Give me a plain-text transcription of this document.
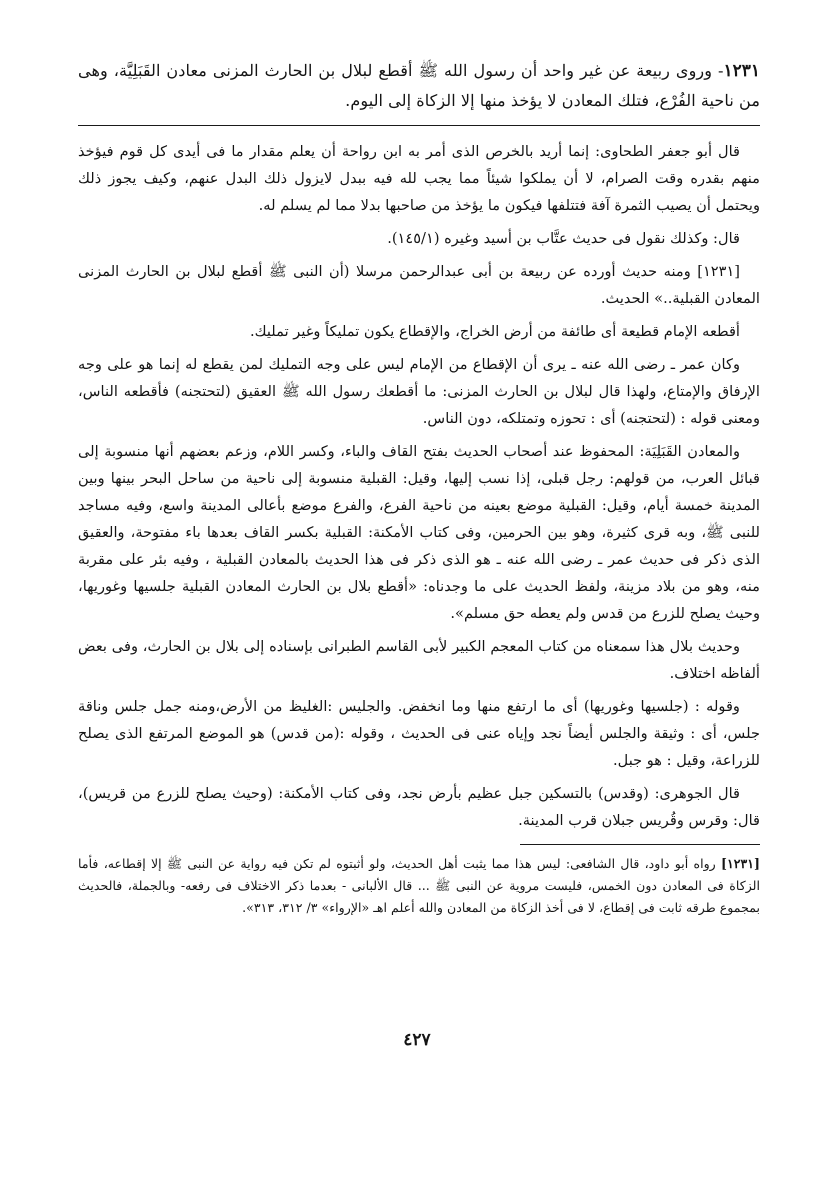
١٢٣١- وروى ربيعة عن غير واحد أن رسول الله ﷺ أقطع لبلال بن الحارث المزنى معادن القَبَلِيَّة، وهى من ناحية الفُرْع، فتلك المعادن لا يؤخذ منها إلا الزكاة إلى اليوم.

قال أبو جعفر الطحاوى: إنما أريد بالخرص الذى أمر به ابن رواحة أن يعلم مقدار ما فى أيدى كل قوم فيؤخذ منهم بقدره وقت الصرام، لا أن يملكوا شيئاً مما يجب لله فيه ببدل لايزول ذلك البدل عنهم، وكيف يجوز ذلك ويحتمل أن يصيب الثمرة آفة فتتلفها فيكون ما يؤخذ من صاحبها بدلا مما لم يسلم له.

قال: وكذلك نقول فى حديث عتَّاب بن أسيد وغيره (١٤٥/١).

[١٢٣١] ومنه حديث أورده عن ربيعة بن أبى عبدالرحمن مرسلا (أن النبى ﷺ أقطع لبلال بن الحارث المزنى المعادن القبلية..» الحديث.

أقطعه الإمام قطيعة أى طائفة من أرض الخراج، والإقطاع يكون تمليكاً وغير تمليك.

وكان عمر ـ رضى الله عنه ـ يرى أن الإقطاع من الإمام ليس على وجه التمليك لمن يقطع له إنما هو على وجه الإرفاق والإمتاع، ولهذا قال لبلال بن الحارث المزنى: ما أقطعك رسول الله ﷺ العقيق (لتحتجنه) فأقطعه الناس، ومعنى قوله : (لتحتجنه) أى : تحوزه وتمتلكه، دون الناس.

والمعادن القَبَلِيَة: المحفوظ عند أصحاب الحديث بفتح القاف والباء، وكسر اللام، وزعم بعضهم أنها منسوبة إلى قبائل العرب، من قولهم: رجل قبلى، إذا نسب إليها، وقيل: القبلية منسوبة إلى ناحية من ساحل البحر بينها وبين المدينة خمسة أيام، وقيل: القبلية موضع بعينه من ناحية الفرع، والفرع موضع بأعالى المدينة واسع، وفيه مساجد للنبى ﷺ، وبه قرى كثيرة، وهو بين الحرمين، وفى كتاب الأمكنة: القبلية بكسر القاف بعدها باء مفتوحة، والعقيق الذى ذكر فى حديث عمر ـ رضى الله عنه ـ هو الذى ذكر فى هذا الحديث بالمعادن القبلية ، وفيه بئر على مقربة منه، وهو من بلاد مزينة، ولفظ الحديث على ما وجدناه: «أقطع بلال بن الحارث المعادن القبلية جلسيها وغوريها، وحيث يصلح للزرع من قدس ولم يعطه حق مسلم».

وحديث بلال هذا سمعناه من كتاب المعجم الكبير لأبى القاسم الطبرانى بإسناده إلى بلال بن الحارث، وفى بعض ألفاظه اختلاف.

وقوله : (جلسيها وغوريها) أى ما ارتفع منها وما انخفض. والجليس :الغليظ من الأرض،ومنه جمل جلس وناقة جلس، أى : وثيقة والجلس أيضاً نجد وإياه عنى فى الحديث ، وقوله :(من قدس) هو الموضع المرتفع الذى يصلح للزراعة، وقيل : هو جبل.

قال الجوهرى: (وقدس) بالتسكين جبل عظيم بأرض نجد، وفى كتاب الأمكنة: (وحيث يصلح للزرع من قريس)، قال: وقرس وقُريس جبلان قرب المدينة.

[١٢٣١] رواه أبو داود، قال الشافعى: ليس هذا مما يثبت أهل الحديث، ولو أثبتوه لم تكن فيه رواية عن النبى ﷺ إلا إقطاعه، فأما الزكاة فى المعادن دون الخمس، فليست مروية عن النبى ﷺ ... قال الألبانى - بعدما ذكر الاختلاف فى رفعه- وبالجملة، فالحديث بمجموع طرقه ثابت فى إقطاع، لا فى أخذ الزكاة من المعادن والله أعلم اهـ «الإرواء» ٣/ ٣١٢، ٣١٣».

٤٢٧
